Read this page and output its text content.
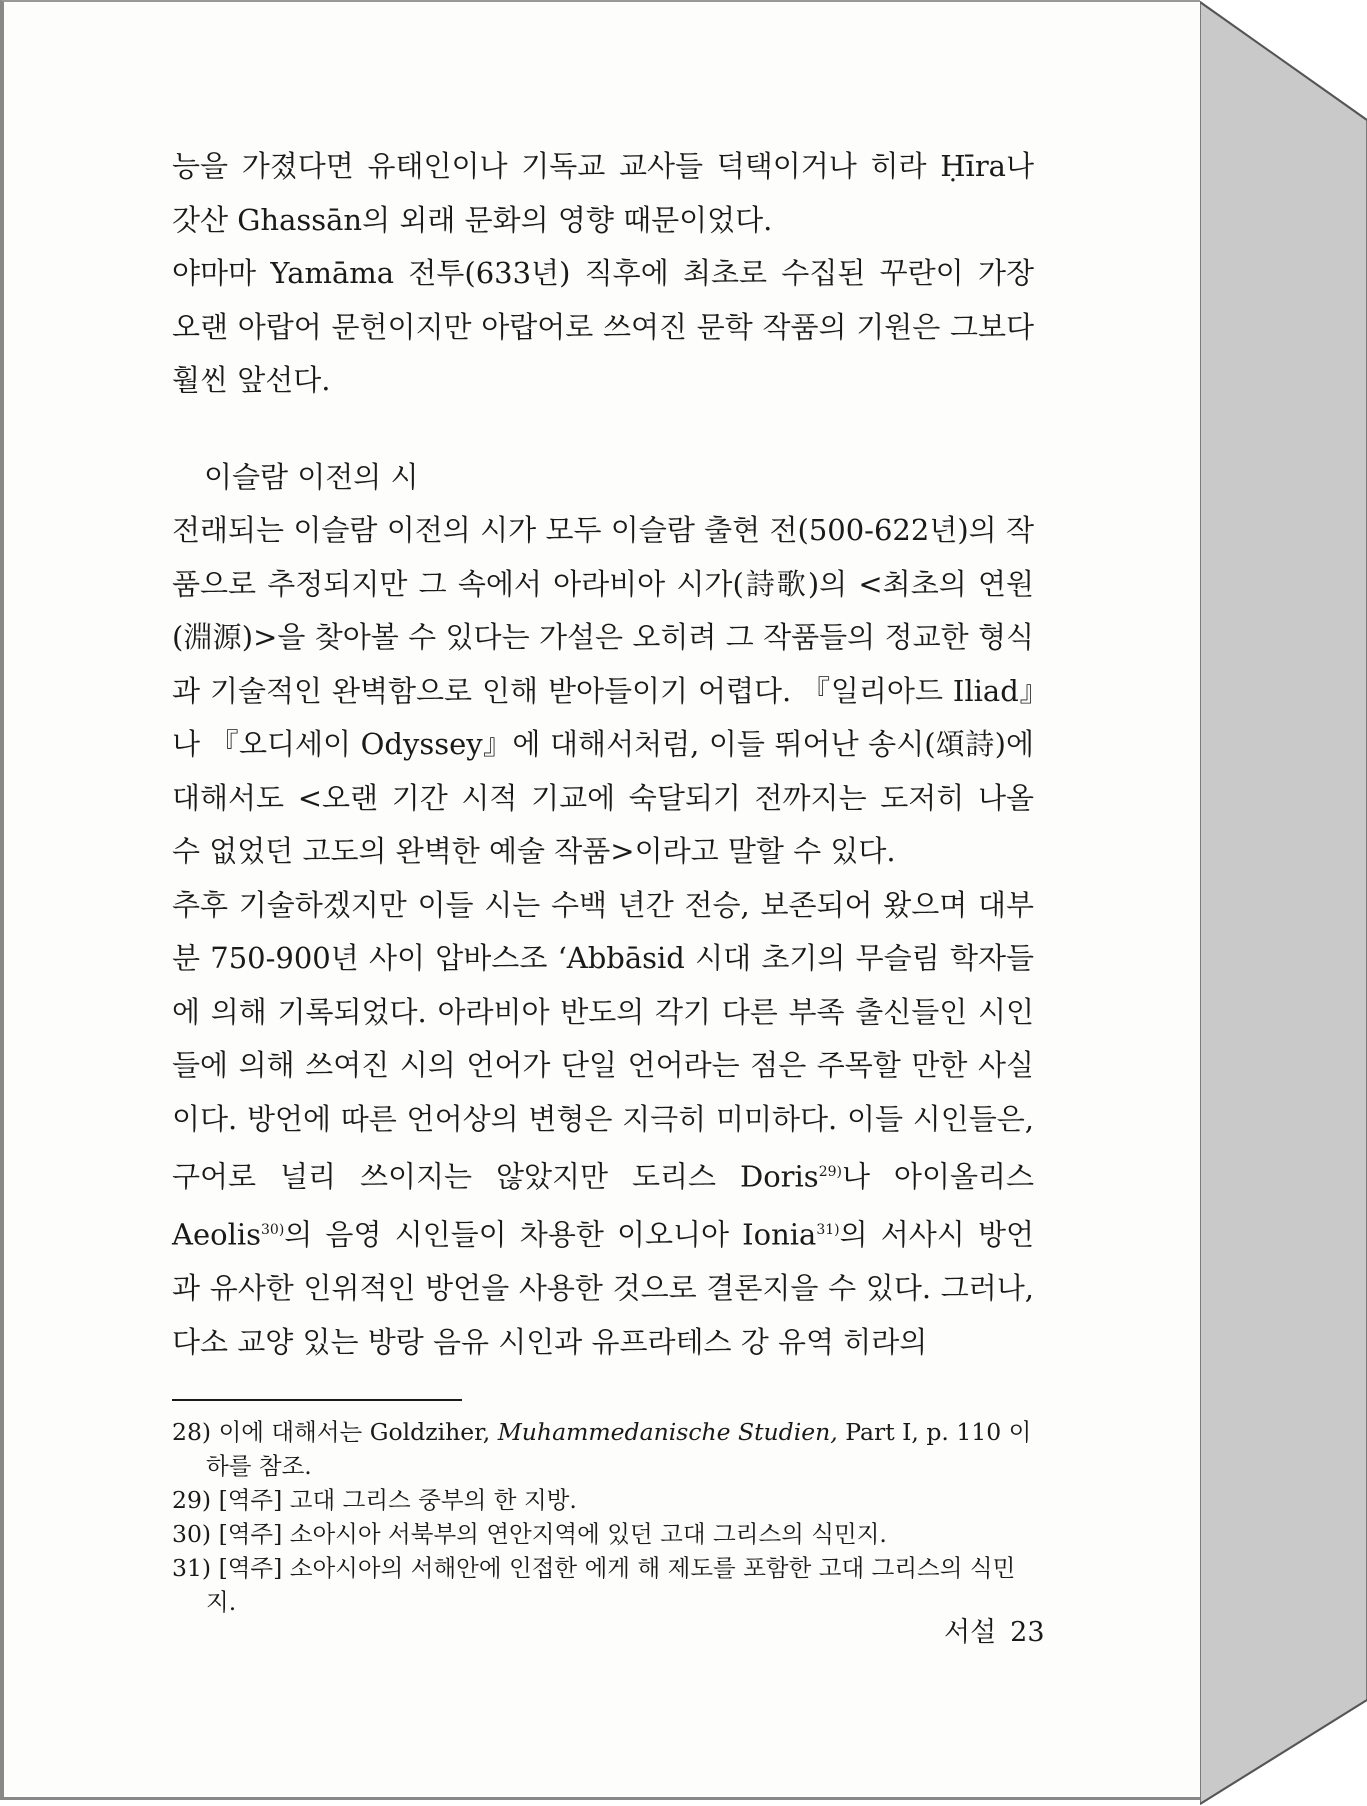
능을 가졌다면 유태인이나 기독교 교사들 덕택이거나 히라 Ḥīra나 갓산 Ghassān의 외래 문화의 영향 때문이었다.

야마마 Yamāma 전투(633년) 직후에 최초로 수집된 꾸란이 가장 오랜 아랍어 문헌이지만 아랍어로 쓰여진 문학 작품의 기원은 그보다 훨씬 앞선다.

이슬람 이전의 시

전래되는 이슬람 이전의 시가 모두 이슬람 출현 전(500-622년)의 작품으로 추정되지만 그 속에서 아라비아 시가(詩歌)의 <최초의 연원(淵源)>을 찾아볼 수 있다는 가설은 오히려 그 작품들의 정교한 형식과 기술적인 완벽함으로 인해 받아들이기 어렵다. 『일리아드 Iliad』나 『오디세이 Odyssey』에 대해서처럼, 이들 뛰어난 송시(頌詩)에 대해서도 <오랜 기간 시적 기교에 숙달되기 전까지는 도저히 나올 수 없었던 고도의 완벽한 예술 작품>이라고 말할 수 있다.

추후 기술하겠지만 이들 시는 수백 년간 전승, 보존되어 왔으며 대부분 750-900년 사이 압바스조 ʻAbbāsid 시대 초기의 무슬림 학자들에 의해 기록되었다. 아라비아 반도의 각기 다른 부족 출신들인 시인들에 의해 쓰여진 시의 언어가 단일 언어라는 점은 주목할 만한 사실이다. 방언에 따른 언어상의 변형은 지극히 미미하다. 이들 시인들은, 구어로 널리 쓰이지는 않았지만 도리스 Doris$^{29)}$나 아이올리스 Aeolis$^{30)}$의 음영 시인들이 차용한 이오니아 Ionia$^{31)}$의 서사시 방언과 유사한 인위적인 방언을 사용한 것으로 결론지을 수 있다. 그러나, 다소 교양 있는 방랑 음유 시인과 유프라테스 강 유역 히라의

28) 이에 대해서는 Goldziher, Muhammedanische Studien, Part Ⅰ, p. 110 이하를 참조.

29) [역주] 고대 그리스 중부의 한 지방.

30) [역주] 소아시아 서북부의 연안지역에 있던 고대 그리스의 식민지.

31) [역주] 소아시아의 서해안에 인접한 에게 해 제도를 포함한 고대 그리스의 식민지.

서설 23
